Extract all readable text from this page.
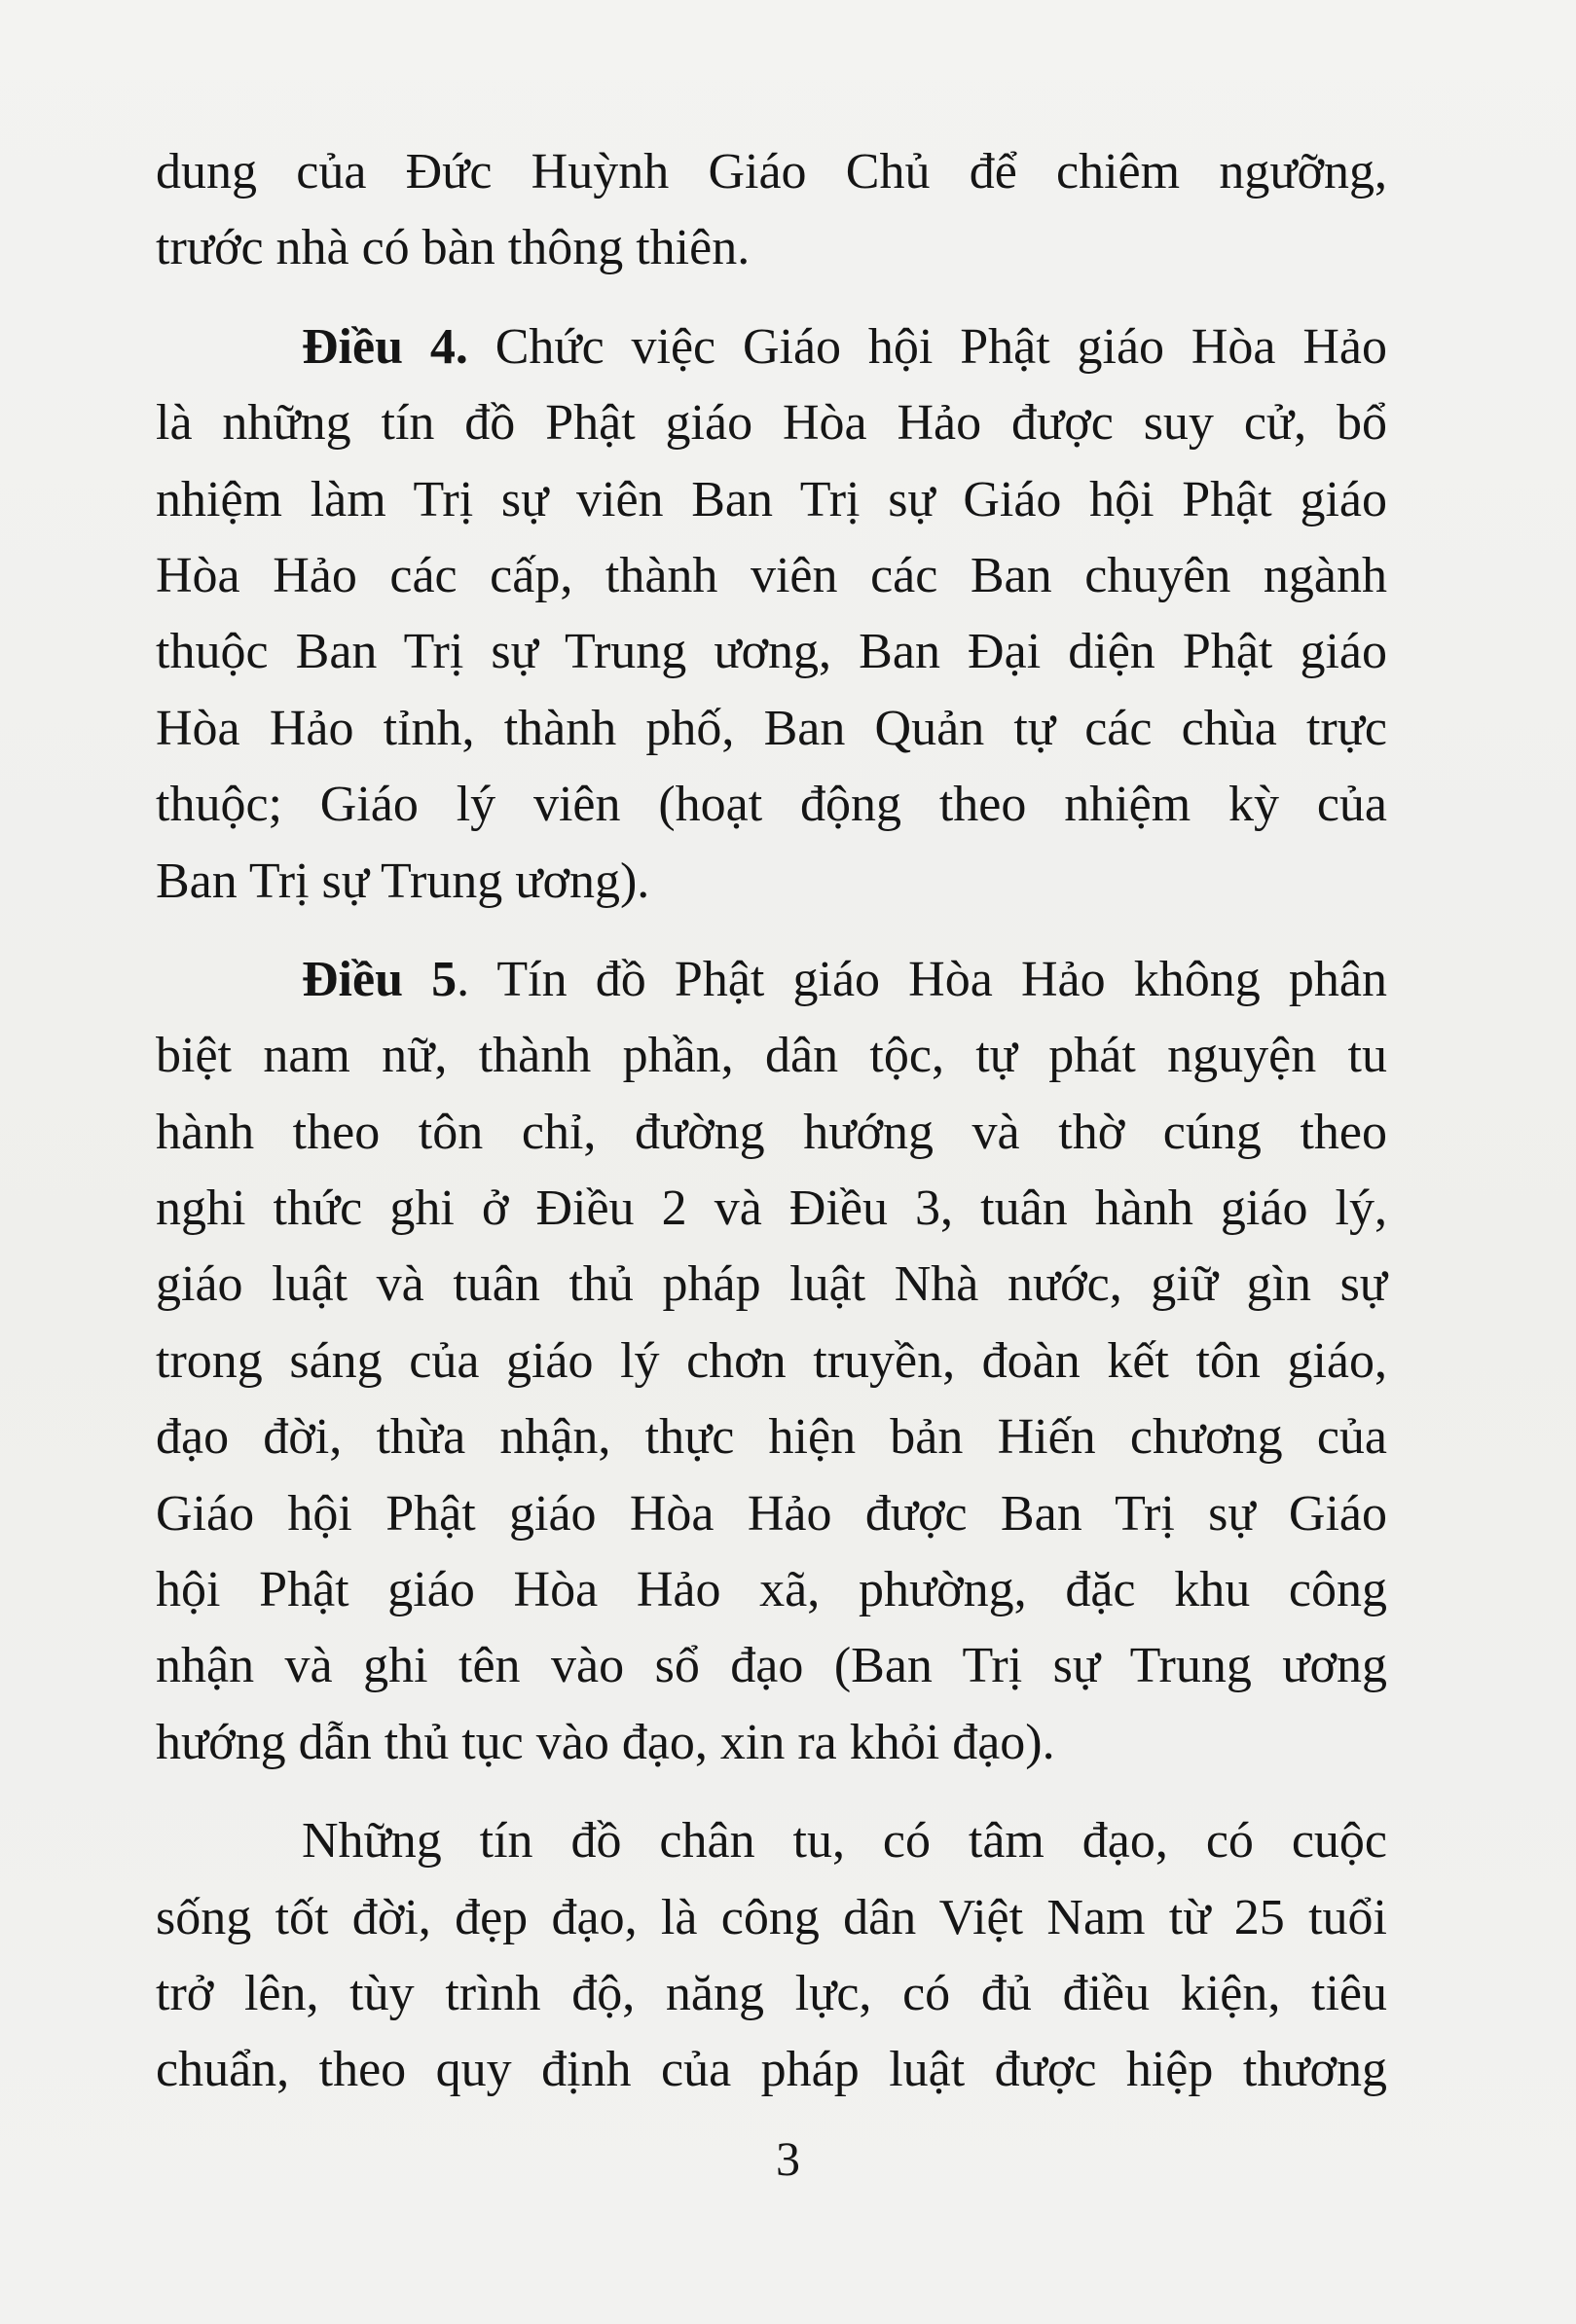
dung của Đức Huỳnh Giáo Chủ để chiêm ngưỡng,
trước nhà có bàn thông thiên.
Điều 4. Chức việc Giáo hội Phật giáo Hòa Hảo
là những tín đồ Phật giáo Hòa Hảo được suy cử, bổ
nhiệm làm Trị sự viên Ban Trị sự Giáo hội Phật giáo
Hòa Hảo các cấp, thành viên các Ban chuyên ngành
thuộc Ban Trị sự Trung ương, Ban Đại diện Phật giáo
Hòa Hảo tỉnh, thành phố, Ban Quản tự các chùa trực
thuộc; Giáo lý viên (hoạt động theo nhiệm kỳ của
Ban Trị sự Trung ương).
Điều 5. Tín đồ Phật giáo Hòa Hảo không phân
biệt nam nữ, thành phần, dân tộc, tự phát nguyện tu
hành theo tôn chỉ, đường hướng và thờ cúng theo
nghi thức ghi ở Điều 2 và Điều 3, tuân hành giáo lý,
giáo luật và tuân thủ pháp luật Nhà nước, giữ gìn sự
trong sáng của giáo lý chơn truyền, đoàn kết tôn giáo,
đạo đời, thừa nhận, thực hiện bản Hiến chương của
Giáo hội Phật giáo Hòa Hảo được Ban Trị sự Giáo
hội Phật giáo Hòa Hảo xã, phường, đặc khu công
nhận và ghi tên vào sổ đạo (Ban Trị sự Trung ương
hướng dẫn thủ tục vào đạo, xin ra khỏi đạo).
Những tín đồ chân tu, có tâm đạo, có cuộc
sống tốt đời, đẹp đạo, là công dân Việt Nam từ 25 tuổi
trở lên, tùy trình độ, năng lực, có đủ điều kiện, tiêu
chuẩn, theo quy định của pháp luật được hiệp thương
3
